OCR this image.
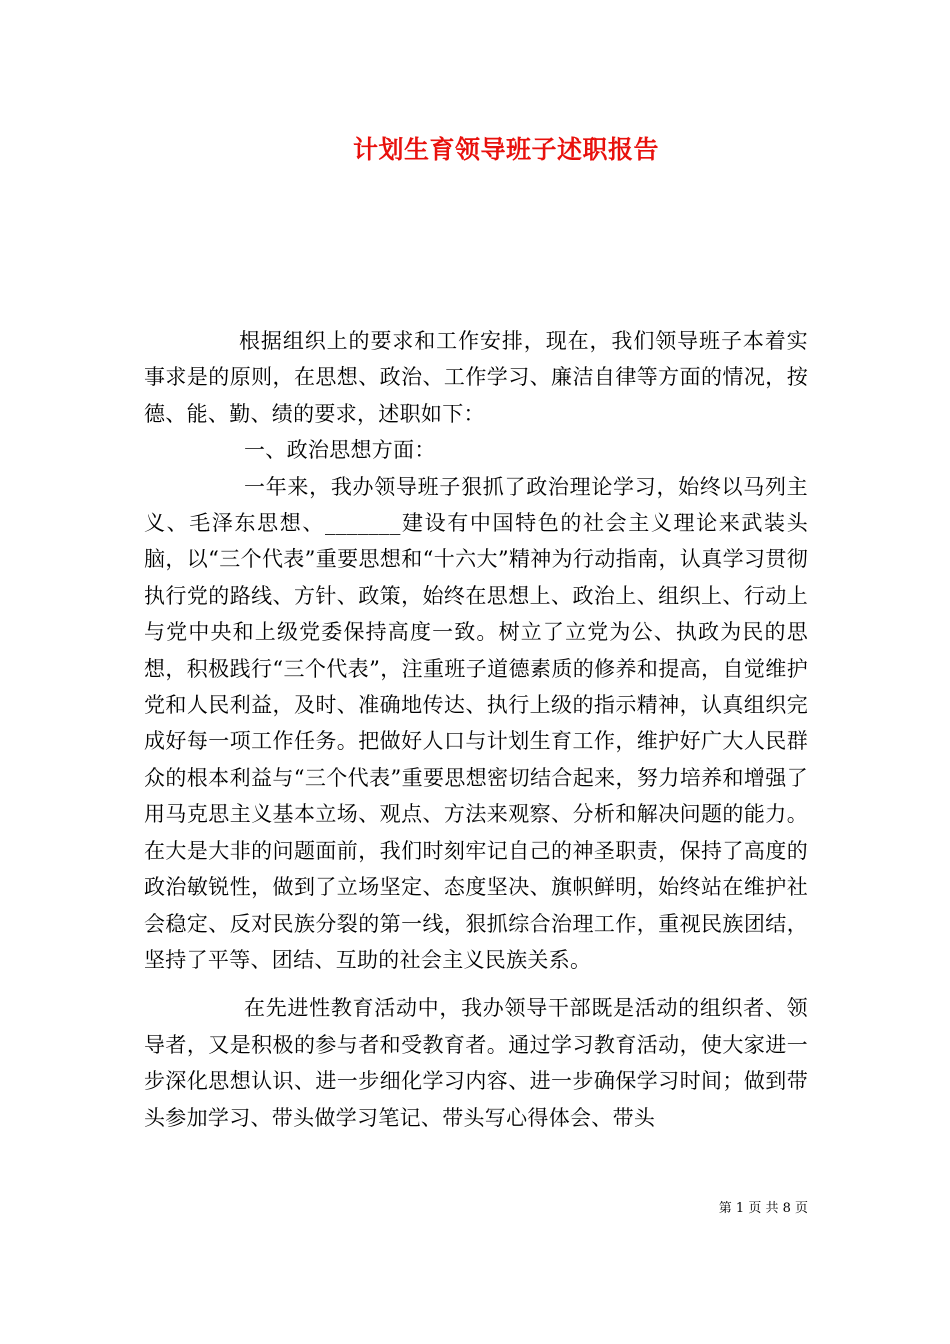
计划生育领导班子述职报告

根据组织上的要求和工作安排，现在，我们领导班子本着实事求是的原则，在思想、政治、工作学习、廉洁自律等方面的情况，按德、能、勤、绩的要求，述职如下：

一、政治思想方面：

一年来，我办领导班子狠抓了政治理论学习，始终以马列主义、毛泽东思想、_______建设有中国特色的社会主义理论来武装头脑，以“三个代表”重要思想和“十六大”精神为行动指南，认真学习贯彻执行党的路线、方针、政策，始终在思想上、政治上、组织上、行动上与党中央和上级党委保持高度一致。树立了立党为公、执政为民的思想，积极践行“三个代表”，注重班子道德素质的修养和提高，自觉维护党和人民利益，及时、准确地传达、执行上级的指示精神，认真组织完成好每一项工作任务。把做好人口与计划生育工作，维护好广大人民群众的根本利益与“三个代表”重要思想密切结合起来，努力培养和增强了用马克思主义基本立场、观点、方法来观察、分析和解决问题的能力。在大是大非的问题面前，我们时刻牢记自己的神圣职责，保持了高度的政治敏锐性，做到了立场坚定、态度坚决、旗帜鲜明，始终站在维护社会稳定、反对民族分裂的第一线，狠抓综合治理工作，重视民族团结，坚持了平等、团结、互助的社会主义民族关系。

在先进性教育活动中，我办领导干部既是活动的组织者、领导者，又是积极的参与者和受教育者。通过学习教育活动，使大家进一步深化思想认识、进一步细化学习内容、进一步确保学习时间；做到带头参加学习、带头做学习笔记、带头写心得体会、带头

第 1 页 共 8 页
